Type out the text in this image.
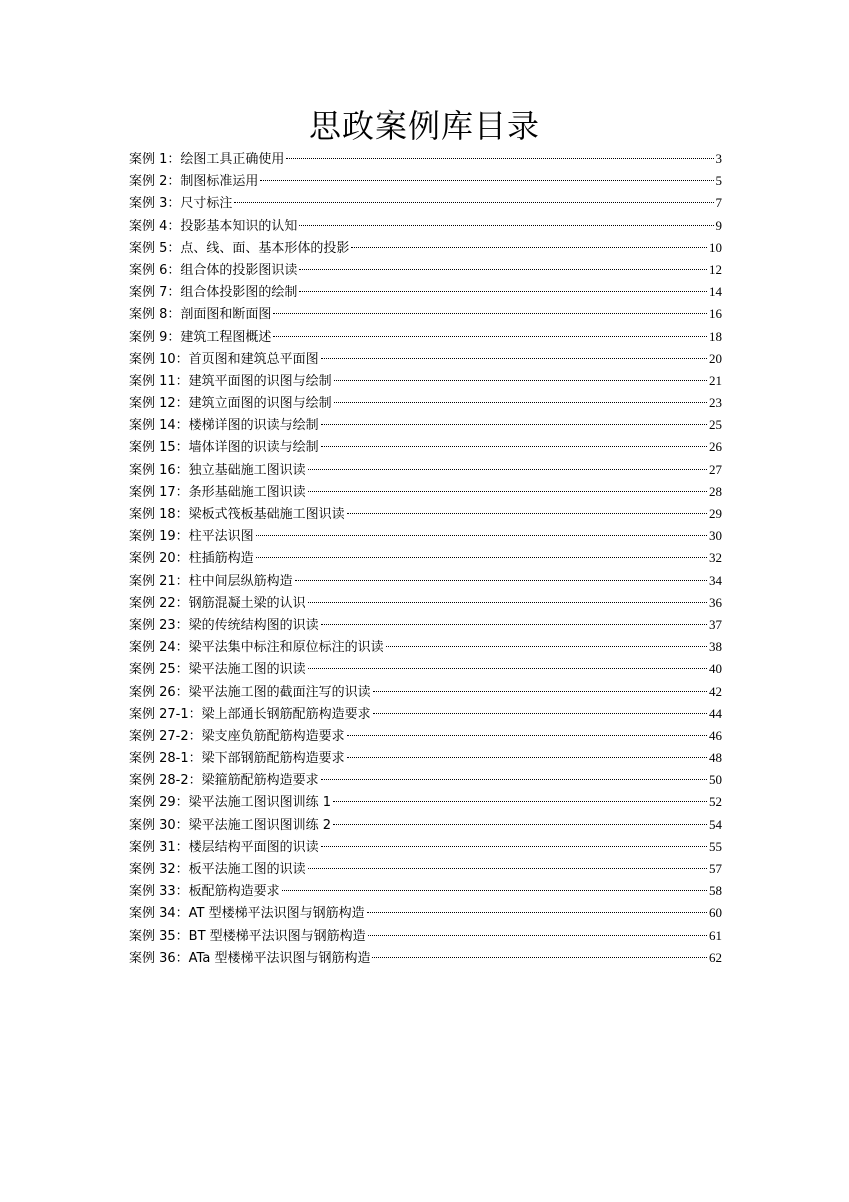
思政案例库目录
案例 1：绘图工具正确使用	3
案例 2：制图标准运用	5
案例 3：尺寸标注	7
案例 4：投影基本知识的认知	9
案例 5：点、线、面、基本形体的投影	10
案例 6：组合体的投影图识读	12
案例 7：组合体投影图的绘制	14
案例 8：剖面图和断面图	16
案例 9：建筑工程图概述	18
案例 10：首页图和建筑总平面图	20
案例 11：建筑平面图的识图与绘制	21
案例 12：建筑立面图的识图与绘制	23
案例 14：楼梯详图的识读与绘制	25
案例 15：墙体详图的识读与绘制	26
案例 16：独立基础施工图识读	27
案例 17：条形基础施工图识读	28
案例 18：梁板式筏板基础施工图识读	29
案例 19：柱平法识图	30
案例 20：柱插筋构造	32
案例 21：柱中间层纵筋构造	34
案例 22：钢筋混凝土梁的认识	36
案例 23：梁的传统结构图的识读	37
案例 24：梁平法集中标注和原位标注的识读	38
案例 25：梁平法施工图的识读	40
案例 26：梁平法施工图的截面注写的识读	42
案例 27-1：梁上部通长钢筋配筋构造要求	44
案例 27-2：梁支座负筋配筋构造要求	46
案例 28-1：梁下部钢筋配筋构造要求	48
案例 28-2：梁箍筋配筋构造要求	50
案例 29：梁平法施工图识图训练 1	52
案例 30：梁平法施工图识图训练 2	54
案例 31：楼层结构平面图的识读	55
案例 32：板平法施工图的识读	57
案例 33：板配筋构造要求	58
案例 34：AT 型楼梯平法识图与钢筋构造	60
案例 35：BT 型楼梯平法识图与钢筋构造	61
案例 36：ATa 型楼梯平法识图与钢筋构造	62
